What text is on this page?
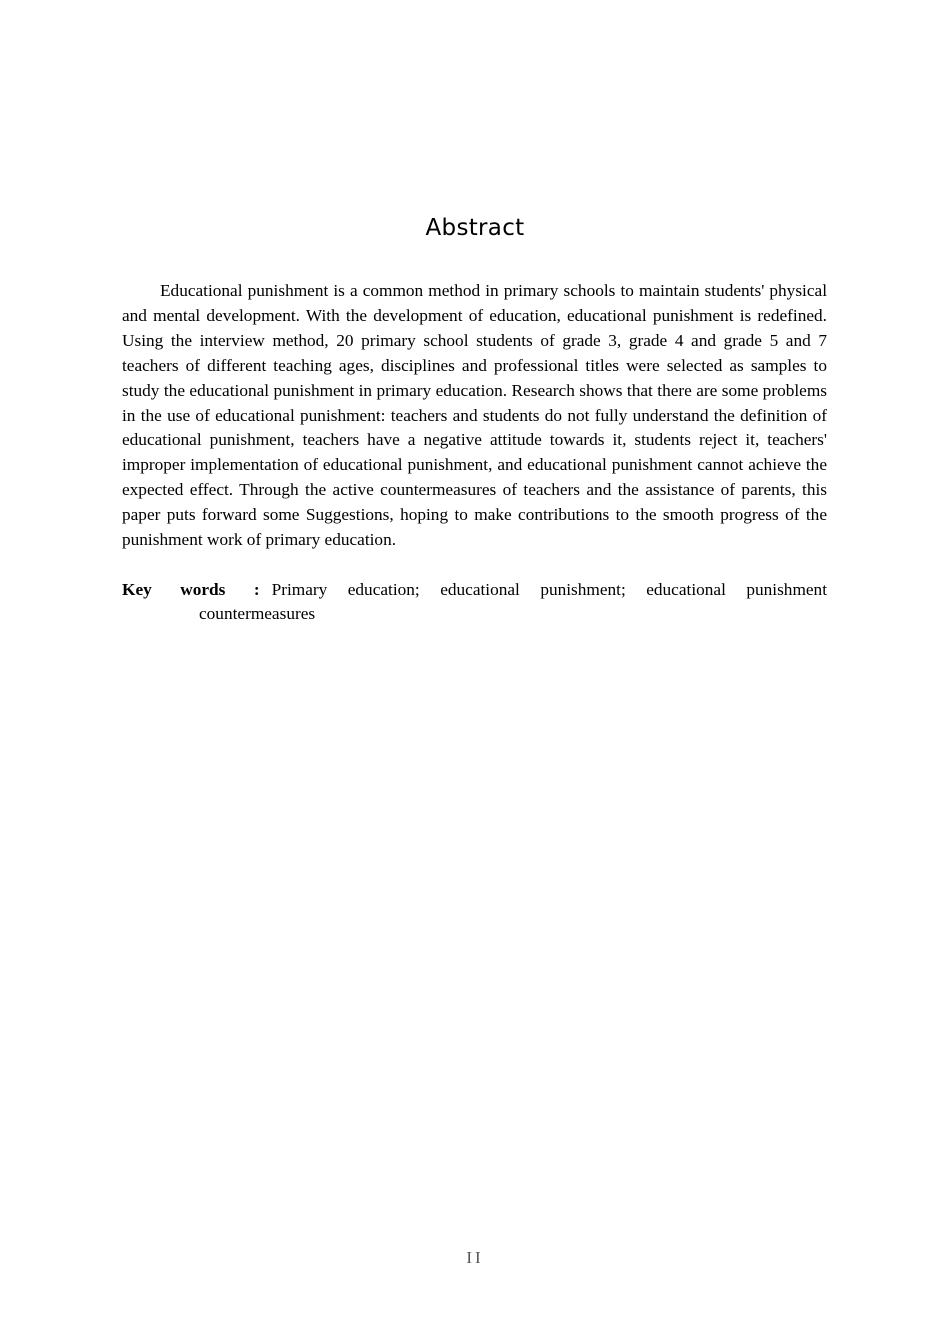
Abstract

Educational punishment is a common method in primary schools to maintain students' physical and mental development. With the development of education, educational punishment is redefined. Using the interview method, 20 primary school students of grade 3, grade 4 and grade 5 and 7 teachers of different teaching ages, disciplines and professional titles were selected as samples to study the educational punishment in primary education. Research shows that there are some problems in the use of educational punishment: teachers and students do not fully understand the definition of educational punishment, teachers have a negative attitude towards it, students reject it, teachers' improper implementation of educational punishment, and educational punishment cannot achieve the expected effect. Through the active countermeasures of teachers and the assistance of parents, this paper puts forward some Suggestions, hoping to make contributions to the smooth progress of the punishment work of primary education.

Key words : Primary education; educational punishment; educational punishment countermeasures

II
